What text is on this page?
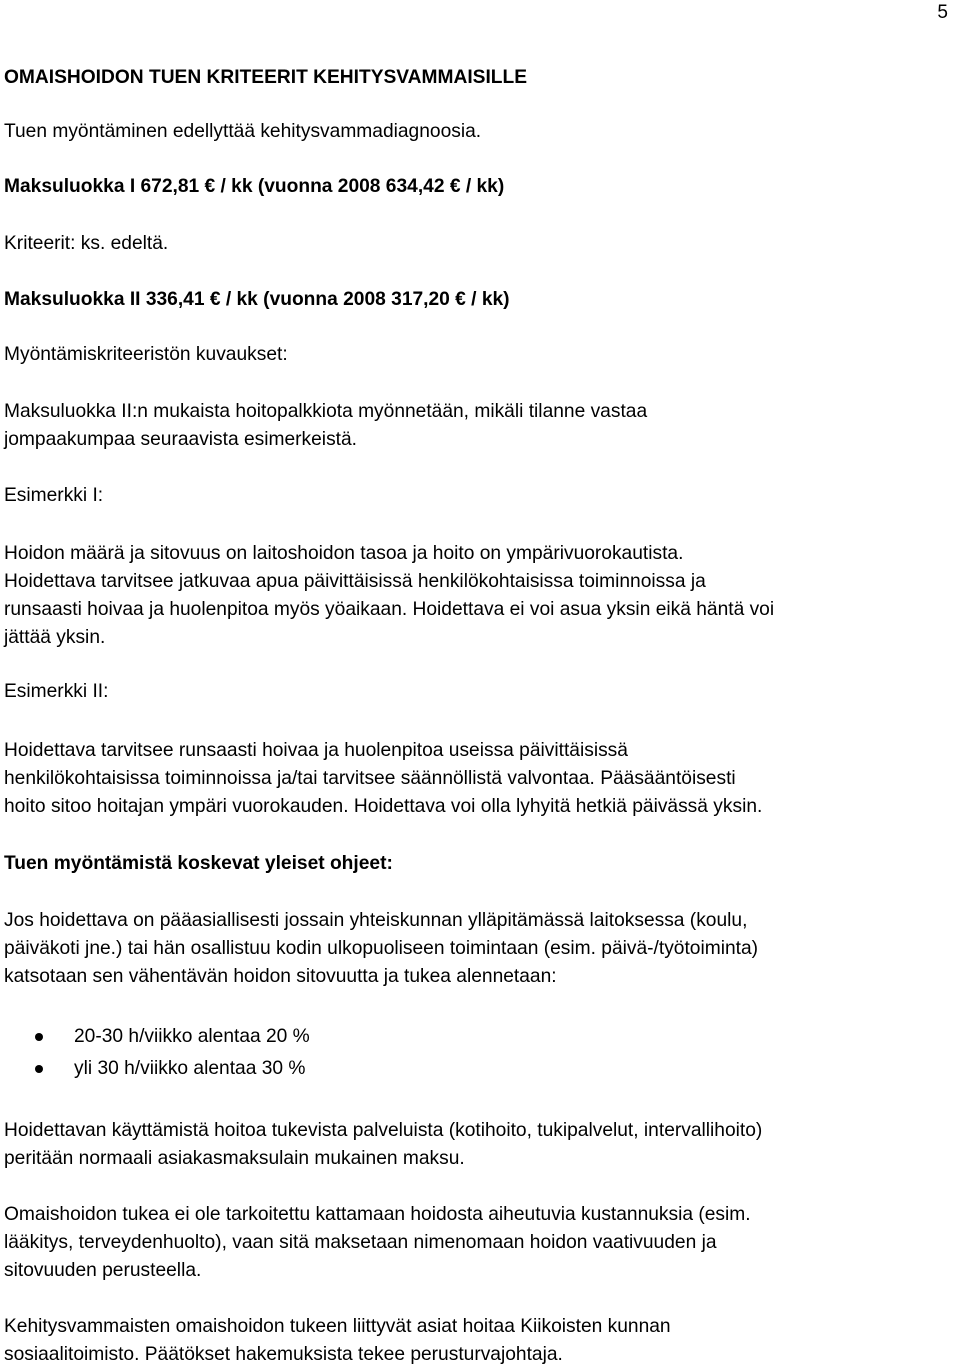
5

OMAISHOIDON TUEN KRITEERIT KEHITYSVAMMAISILLE

Tuen myöntäminen edellyttää kehitysvammadiagnoosia.

Maksuluokka I 672,81 € / kk (vuonna 2008 634,42 € / kk)

Kriteerit: ks. edeltä.

Maksuluokka II 336,41 € / kk (vuonna 2008 317,20 € / kk)

Myöntämiskriteeristön kuvaukset:

Maksuluokka II:n mukaista hoitopalkkiota myönnetään, mikäli tilanne vastaa

jompaakumpaa seuraavista esimerkeistä.

Esimerkki I:

Hoidon määrä ja sitovuus on laitoshoidon tasoa ja hoito on ympärivuorokautista.

Hoidettava tarvitsee jatkuvaa apua päivittäisissä henkilökohtaisissa toiminnoissa ja

runsaasti hoivaa ja huolenpitoa myös yöaikaan. Hoidettava ei voi asua yksin eikä häntä voi

jättää yksin.

Esimerkki II:

Hoidettava tarvitsee runsaasti hoivaa ja huolenpitoa useissa päivittäisissä

henkilökohtaisissa toiminnoissa ja/tai tarvitsee säännöllistä valvontaa. Pääsääntöisesti

hoito sitoo hoitajan ympäri vuorokauden. Hoidettava voi olla lyhyitä hetkiä päivässä yksin.

Tuen myöntämistä koskevat yleiset ohjeet:

Jos hoidettava on pääasiallisesti jossain yhteiskunnan ylläpitämässä laitoksessa (koulu,

päiväkoti jne.) tai hän osallistuu kodin ulkopuoliseen toimintaan (esim. päivä-/työtoiminta)

katsotaan sen vähentävän hoidon sitovuutta ja tukea alennetaan:

20-30 h/viikko alentaa 20 %
yli 30 h/viikko alentaa 30 %

Hoidettavan käyttämistä hoitoa tukevista palveluista (kotihoito, tukipalvelut, intervallihoito)

peritään normaali asiakasmaksulain mukainen maksu.

Omaishoidon tukea ei ole tarkoitettu kattamaan hoidosta aiheutuvia kustannuksia (esim.

lääkitys, terveydenhuolto), vaan sitä maksetaan nimenomaan hoidon vaativuuden ja

sitovuuden perusteella.

Kehitysvammaisten omaishoidon tukeen liittyvät asiat hoitaa Kiikoisten kunnan

sosiaalitoimisto. Päätökset hakemuksista tekee perusturvajohtaja.
